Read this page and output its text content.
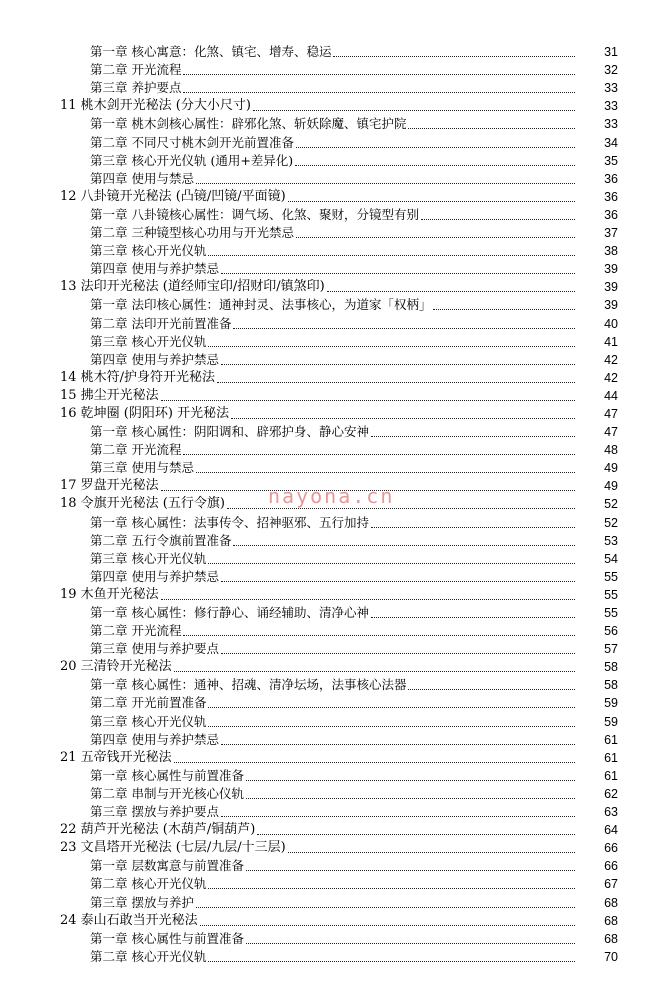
第一章 核心寓意：化煞、镇宅、增寿、稳运	31
第二章 开光流程	32
第三章 养护要点	33
11 桃木剑开光秘法 (分大小尺寸)	33
第一章 桃木剑核心属性：辟邪化煞、斩妖除魔、镇宅护院	33
第二章 不同尺寸桃木剑开光前置准备	34
第三章 核心开光仪轨 (通用+差异化)	35
第四章 使用与禁忌	36
12 八卦镜开光秘法 (凸镜/凹镜/平面镜)	36
第一章 八卦镜核心属性：调气场、化煞、聚财，分镜型有别	36
第二章 三种镜型核心功用与开光禁忌	37
第三章 核心开光仪轨	38
第四章 使用与养护禁忌	39
13 法印开光秘法 (道经师宝印/招财印/镇煞印)	39
第一章 法印核心属性：通神封灵、法事核心，为道家「权柄」	39
第二章 法印开光前置准备	40
第三章 核心开光仪轨	41
第四章 使用与养护禁忌	42
14 桃木符/护身符开光秘法	42
15 拂尘开光秘法	44
16 乾坤圈 (阴阳环) 开光秘法	47
第一章 核心属性：阴阳调和、辟邪护身、静心安神	47
第二章 开光流程	48
第三章 使用与禁忌	49
17 罗盘开光秘法	49
18 令旗开光秘法 (五行令旗)	52
第一章 核心属性：法事传令、招神驱邪、五行加持	52
第二章 五行令旗前置准备	53
第三章 核心开光仪轨	54
第四章 使用与养护禁忌	55
19 木鱼开光秘法	55
第一章 核心属性：修行静心、诵经辅助、清净心神	55
第二章 开光流程	56
第三章 使用与养护要点	57
20 三清铃开光秘法	58
第一章 核心属性：通神、招魂、清净坛场，法事核心法器	58
第二章 开光前置准备	59
第三章 核心开光仪轨	59
第四章 使用与养护禁忌	61
21 五帝钱开光秘法	61
第一章 核心属性与前置准备	61
第二章 串制与开光核心仪轨	62
第三章 摆放与养护要点	63
22 葫芦开光秘法 (木葫芦/铜葫芦)	64
23 文昌塔开光秘法 (七层/九层/十三层)	66
第一章 层数寓意与前置准备	66
第二章 核心开光仪轨	67
第三章 摆放与养护	68
24 泰山石敢当开光秘法	68
第一章 核心属性与前置准备	68
第二章 核心开光仪轨	70
nayona.cn
